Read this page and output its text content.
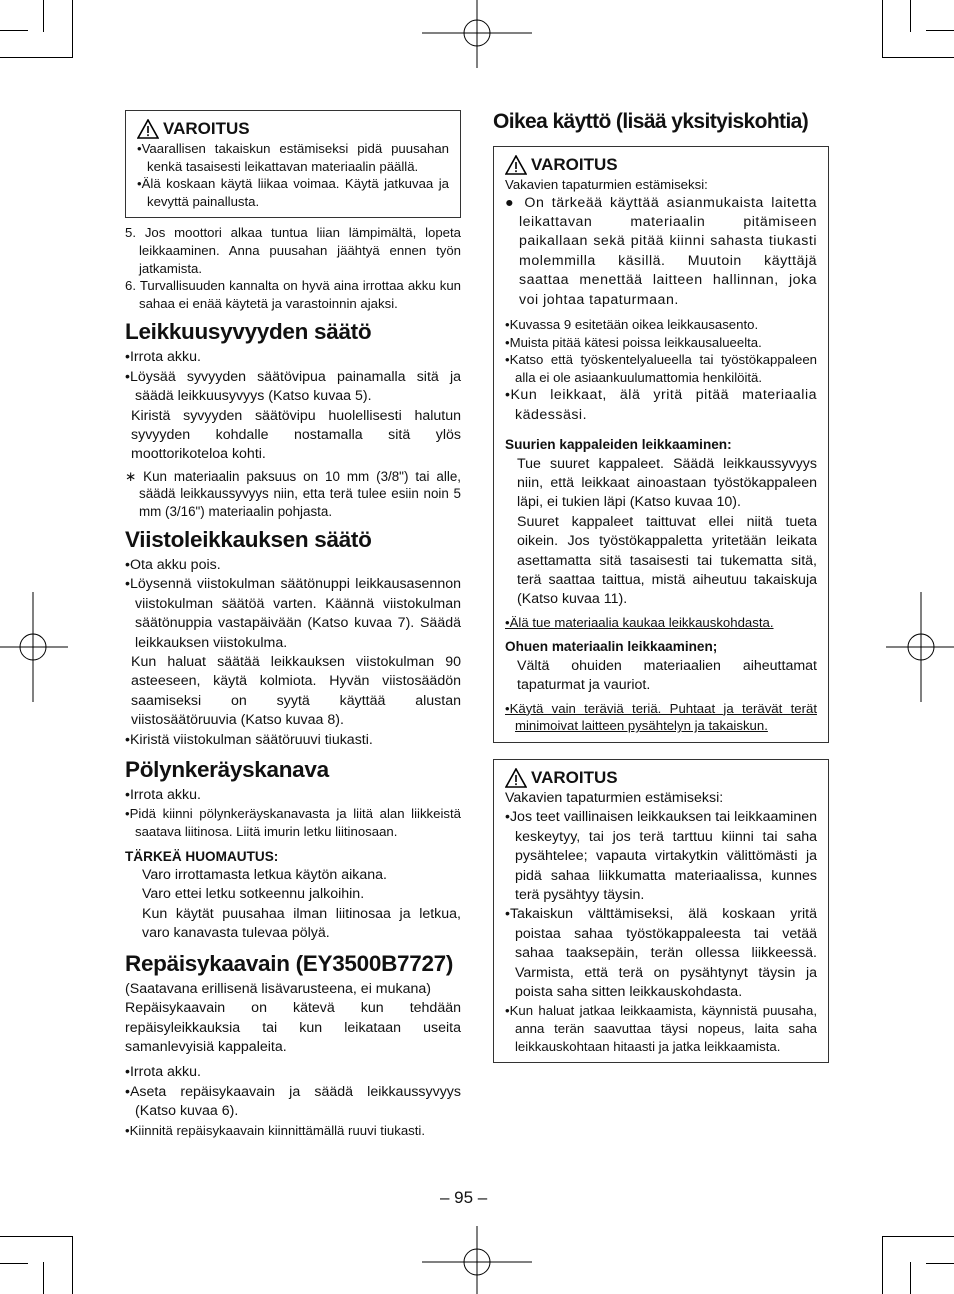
VAROITUS

•Vaarallisen takaiskun estämiseksi pidä puusahan kenkä tasaisesti leikattavan materiaalin päällä.

•Älä koskaan käytä liikaa voimaa. Käytä jatkuvaa ja kevyttä painallusta.

5. Jos moottori alkaa tuntua liian lämpimältä, lopeta leikkaaminen. Anna puusahan jäähtyä ennen työn jatkamista.

6. Turvallisuuden kannalta on hyvä aina irrottaa akku kun sahaa ei enää käytetä ja varastoinnin ajaksi.

Leikkuusyvyyden säätö

•Irrota akku.

•Löysää syvyyden säätövipua painamalla sitä ja säädä leikkuusyvyys (Katso kuvaa 5).

Kiristä syvyyden säätövipu huolellisesti halutun syvyyden kohdalle nostamalla sitä ylös moottorikoteloa kohti.

∗ Kun materiaalin paksuus on 10 mm (3/8") tai alle, säädä leikkaussyvyys niin, etta terä tulee esiin noin 5 mm (3/16") materiaalin pohjasta.

Viistoleikkauksen säätö

•Ota akku pois.

•Löysennä viistokulman säätönuppi leikkausasennon viistokulman säätöä varten. Käännä viistokulman säätönuppia vastapäivään (Katso kuvaa 7). Säädä leikkauksen viistokulma.

Kun haluat säätää leikkauksen viistokulman 90 asteeseen, käytä kolmiota. Hyvän viistosäädön saamiseksi on syytä käyttää alustan viistosäätöruuvia (Katso kuvaa 8).

•Kiristä viistokulman säätöruuvi tiukasti.

Pölynkeräyskanava

•Irrota akku.

•Pidä kiinni pölynkeräyskanavasta ja liitä alan liikkeistä saatava liitinosa. Liitä imurin letku liitinosaan.

TÄRKEÄ HUOMAUTUS:

Varo irrottamasta letkua käytön aikana.

Varo ettei letku sotkeennu jalkoihin.

Kun käytät puusahaa ilman liitinosaa ja letkua, varo kanavasta tulevaa pölyä.

Repäisykaavain (EY3500B7727)

(Saatavana erillisenä lisävarusteena, ei mukana)

Repäisykaavain on kätevä kun tehdään repäisyleikkauksia tai kun leikataan useita samanlevyisiä kappaleita.

•Irrota akku.

•Aseta repäisykaavain ja säädä leikkaussyvyys (Katso kuvaa 6).

•Kiinnitä repäisykaavain kiinnittämällä ruuvi tiukasti.

Oikea käyttö (lisää yksityiskohtia)
VAROITUS

Vakavien tapaturmien estämiseksi:

● On tärkeää käyttää asianmukaista laitetta leikattavan materiaalin pitämiseen paikallaan sekä pitää kiinni sahasta tiukasti molemmilla käsillä. Muutoin käyttäjä saattaa menettää laitteen hallinnan, joka voi johtaa tapaturmaan.

•Kuvassa 9 esitetään oikea leikkausasento.

•Muista pitää kätesi poissa leikkausalueelta.

•Katso että työskentelyalueella tai työstökappaleen alla ei ole asiaankuulumattomia henkilöitä.

•Kun leikkaat, älä yritä pitää materiaalia kädessäsi.

Suurien kappaleiden leikkaaminen:

Tue suuret kappaleet. Säädä leikkaussyvyys niin, että leikkaat ainoastaan työstökappaleen läpi, ei tukien läpi (Katso kuvaa 10).

Suuret kappaleet taittuvat ellei niitä tueta oikein. Jos työstökappaletta yritetään leikata asettamatta sitä tasaisesti tai tukematta sitä, terä saattaa taittua, mistä aiheutuu takaiskuja (Katso kuvaa 11).

•Älä tue materiaalia kaukaa leikkauskohdasta.

Ohuen materiaalin leikkaaminen;

Vältä ohuiden materiaalien aiheuttamat tapaturmat ja vauriot.

•Käytä vain teräviä teriä. Puhtaat ja terävät terät minimoivat laitteen pysähtelyn ja takaiskun.

VAROITUS

Vakavien tapaturmien estämiseksi:

•Jos teet vaillinaisen leikkauksen tai leikkaaminen keskeytyy, tai jos terä tarttuu kiinni tai saha pysähtelee; vapauta virtakytkin välittömästi ja pidä sahaa liikkumatta materiaalissa, kunnes terä pysähtyy täysin.

•Takaiskun välttämiseksi, älä koskaan yritä poistaa sahaa työstökappaleesta tai vetää sahaa taaksepäin, terän ollessa liikkeessä. Varmista, että terä on pysähtynyt täysin ja poista saha sitten leikkauskohdasta.

•Kun haluat jatkaa leikkaamista, käynnistä puusaha, anna terän saavuttaa täysi nopeus, laita saha leikkauskohtaan hitaasti ja jatka leikkaamista.

– 95 –
